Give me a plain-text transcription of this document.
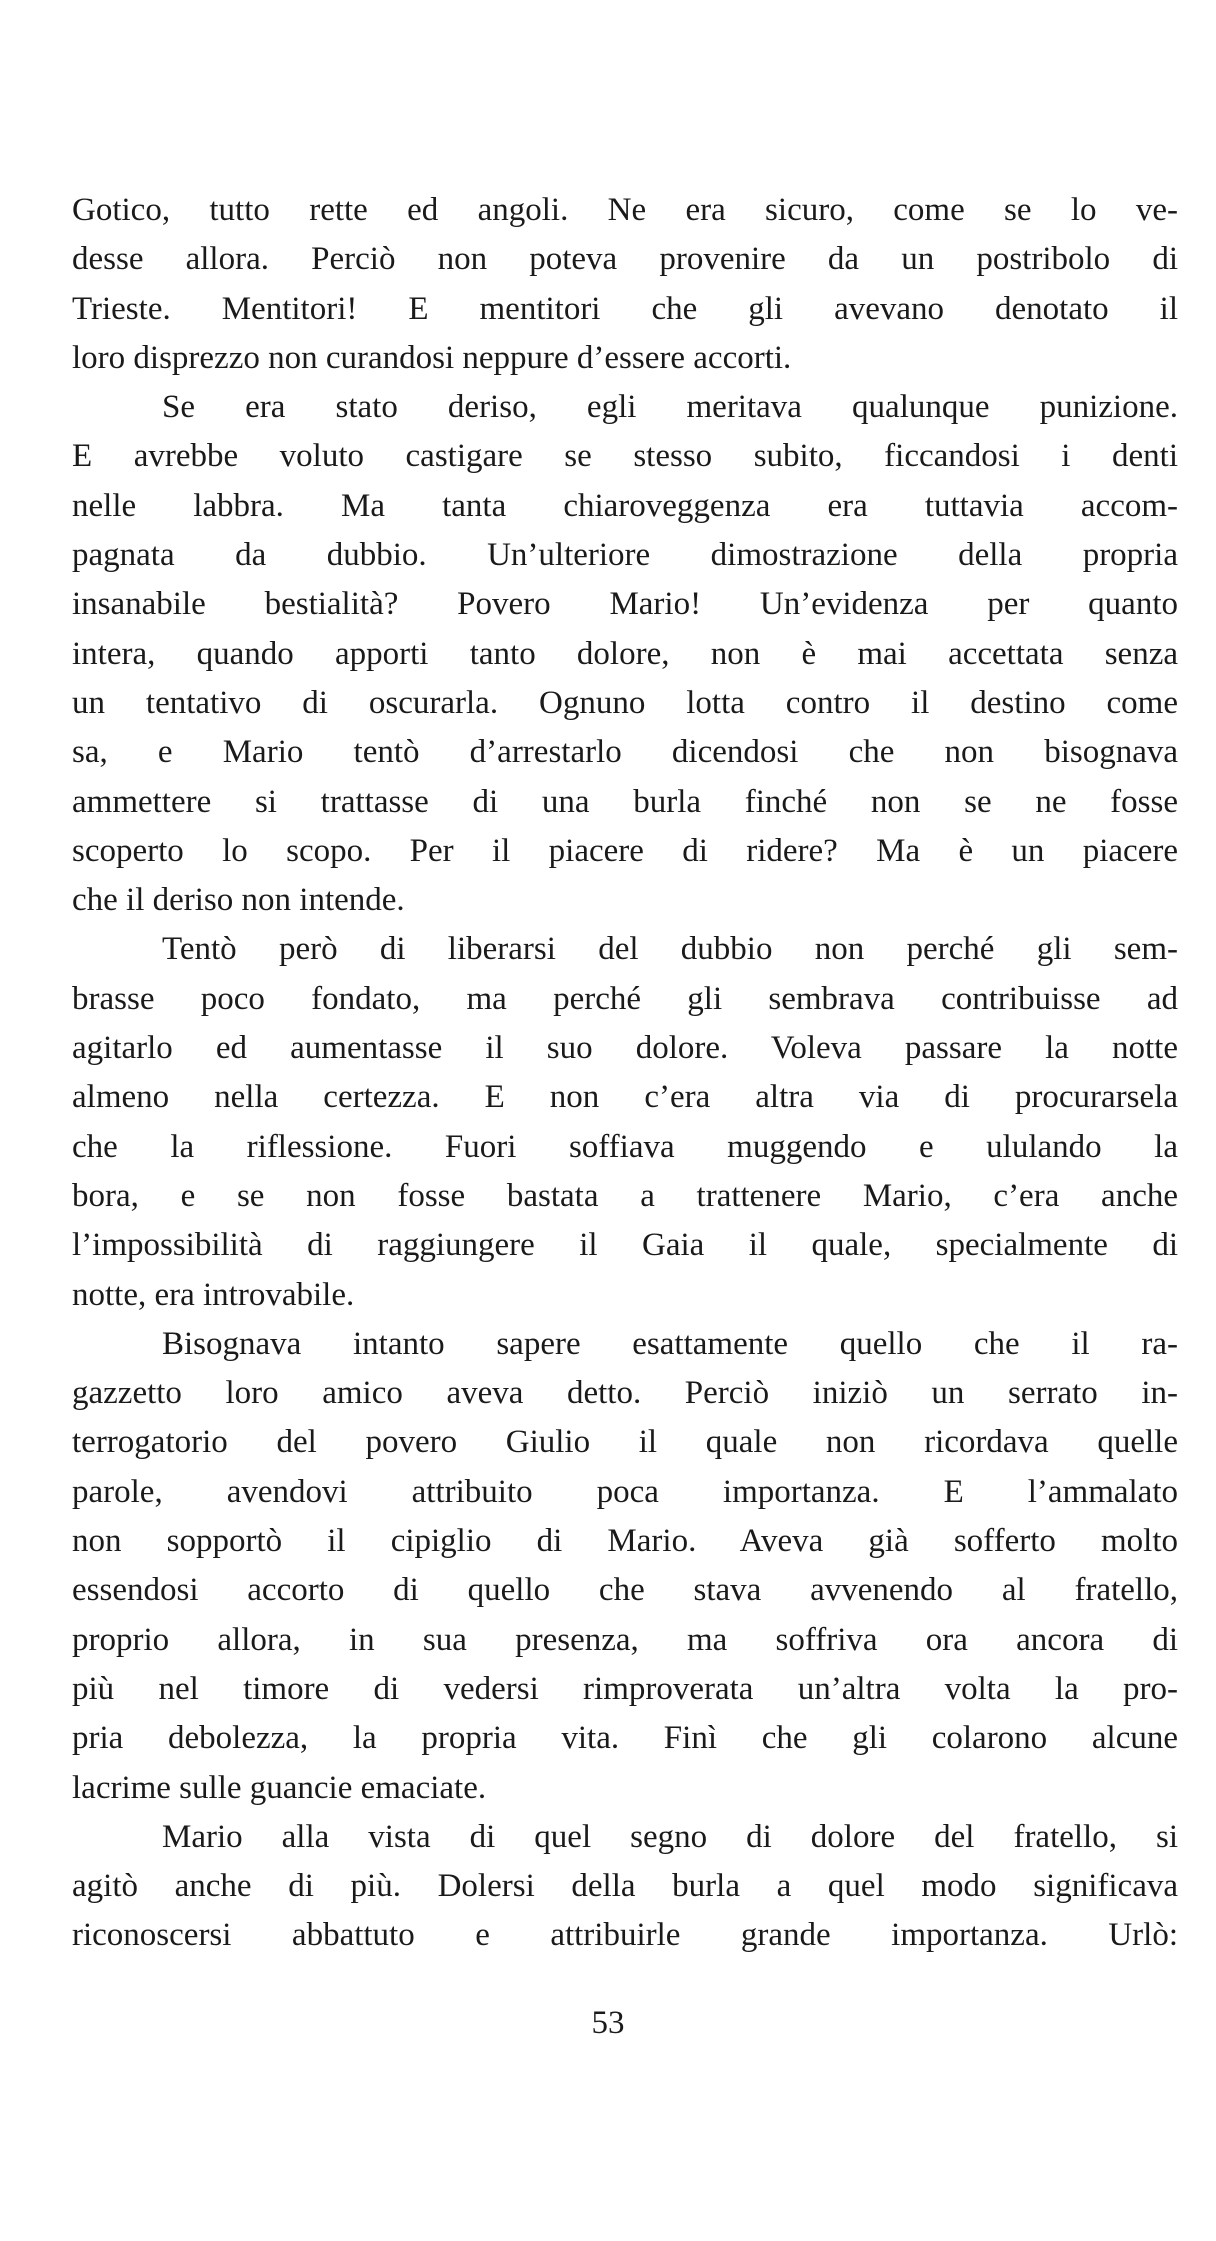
Gotico, tutto rette ed angoli. Ne era sicuro, come se lo ve-
desse allora. Perciò non poteva provenire da un postribolo di
Trieste. Mentitori! E mentitori che gli avevano denotato il
loro disprezzo non curandosi neppure d’essere accorti.
Se era stato deriso, egli meritava qualunque punizione.
E avrebbe voluto castigare se stesso subito, ficcandosi i denti
nelle labbra. Ma tanta chiaroveggenza era tuttavia accom-
pagnata da dubbio. Un’ulteriore dimostrazione della propria
insanabile bestialità? Povero Mario! Un’evidenza per quanto
intera, quando apporti tanto dolore, non è mai accettata senza
un tentativo di oscurarla. Ognuno lotta contro il destino come
sa, e Mario tentò d’arrestarlo dicendosi che non bisognava
ammettere si trattasse di una burla finché non se ne fosse
scoperto lo scopo. Per il piacere di ridere? Ma è un piacere
che il deriso non intende.
Tentò però di liberarsi del dubbio non perché gli sem-
brasse poco fondato, ma perché gli sembrava contribuisse ad
agitarlo ed aumentasse il suo dolore. Voleva passare la notte
almeno nella certezza. E non c’era altra via di procurarsela
che la riflessione. Fuori soffiava muggendo e ululando la
bora, e se non fosse bastata a trattenere Mario, c’era anche
l’impossibilità di raggiungere il Gaia il quale, specialmente di
notte, era introvabile.
Bisognava intanto sapere esattamente quello che il ra-
gazzetto loro amico aveva detto. Perciò iniziò un serrato in-
terrogatorio del povero Giulio il quale non ricordava quelle
parole, avendovi attribuito poca importanza. E l’ammalato
non sopportò il cipiglio di Mario. Aveva già sofferto molto
essendosi accorto di quello che stava avvenendo al fratello,
proprio allora, in sua presenza, ma soffriva ora ancora di
più nel timore di vedersi rimproverata un’altra volta la pro-
pria debolezza, la propria vita. Finì che gli colarono alcune
lacrime sulle guancie emaciate.
Mario alla vista di quel segno di dolore del fratello, si
agitò anche di più. Dolersi della burla a quel modo significava
riconoscersi abbattuto e attribuirle grande importanza. Urlò:
53
